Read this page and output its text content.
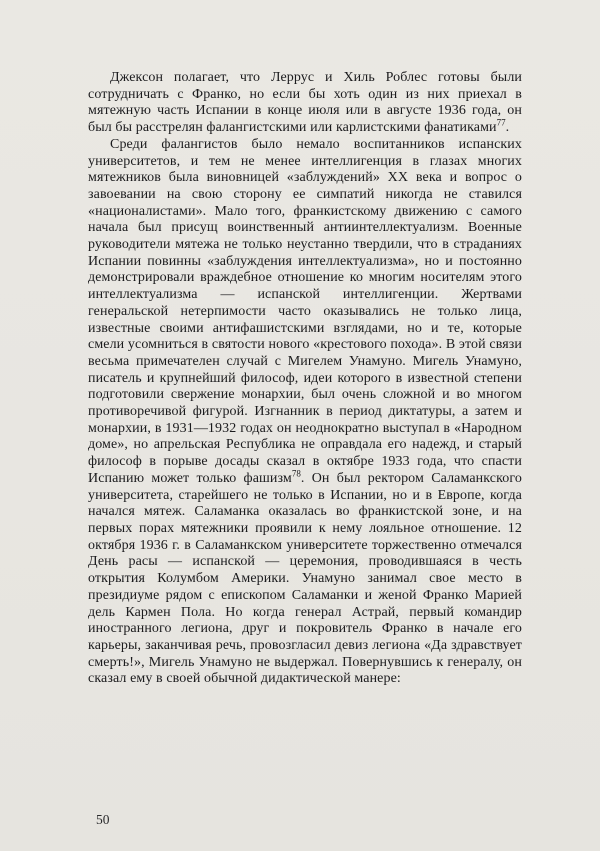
Джексон полагает, что Леррус и Хиль Роблес готовы были сотрудничать с Франко, но если бы хоть один из них приехал в мятежную часть Испании в конце июля или в августе 1936 года, он был бы расстрелян фалангистскими или карлистскими фанатиками$^{77}$.

Среди фалангистов было немало воспитанников испанских университетов, и тем не менее интеллигенция в глазах многих мятежников была виновницей «заблуждений» XX века и вопрос о завоевании на свою сторону ее симпатий никогда не ставился «националистами». Мало того, франкистскому движению с самого начала был присущ воинственный антиинтеллектуализм. Военные руководители мятежа не только неустанно твердили, что в страданиях Испании повинны «заблуждения интеллектуализма», но и постоянно демонстрировали враждебное отношение ко многим носителям этого интеллектуализма — испанской интеллигенции. Жертвами генеральской нетерпимости часто оказывались не только лица, известные своими антифашистскими взглядами, но и те, которые смели усомниться в святости нового «крестового похода». В этой связи весьма примечателен случай с Мигелем Унамуно. Мигель Унамуно, писатель и крупнейший философ, идеи которого в известной степени подготовили свержение монархии, был очень сложной и во многом противоречивой фигурой. Изгнанник в период диктатуры, а затем и монархии, в 1931—1932 годах он неоднократно выступал в «Народном доме», но апрельская Республика не оправдала его надежд, и старый философ в порыве досады сказал в октябре 1933 года, что спасти Испанию может только фашизм$^{78}$. Он был ректором Саламанкского университета, старейшего не только в Испании, но и в Европе, когда начался мятеж. Саламанка оказалась во франкистской зоне, и на первых порах мятежники проявили к нему лояльное отношение. 12 октября 1936 г. в Саламанкском университете торжественно отмечался День расы — испанской — церемония, проводившаяся в честь открытия Колумбом Америки. Унамуно занимал свое место в президиуме рядом с епископом Саламанки и женой Франко Марией дель Кармен Пола. Но когда генерал Астрай, первый командир иностранного легиона, друг и покровитель Франко в начале его карьеры, заканчивая речь, провозгласил девиз легиона «Да здравствует смерть!», Мигель Унамуно не выдержал. Повернувшись к генералу, он сказал ему в своей обычной дидактической манере:

50
